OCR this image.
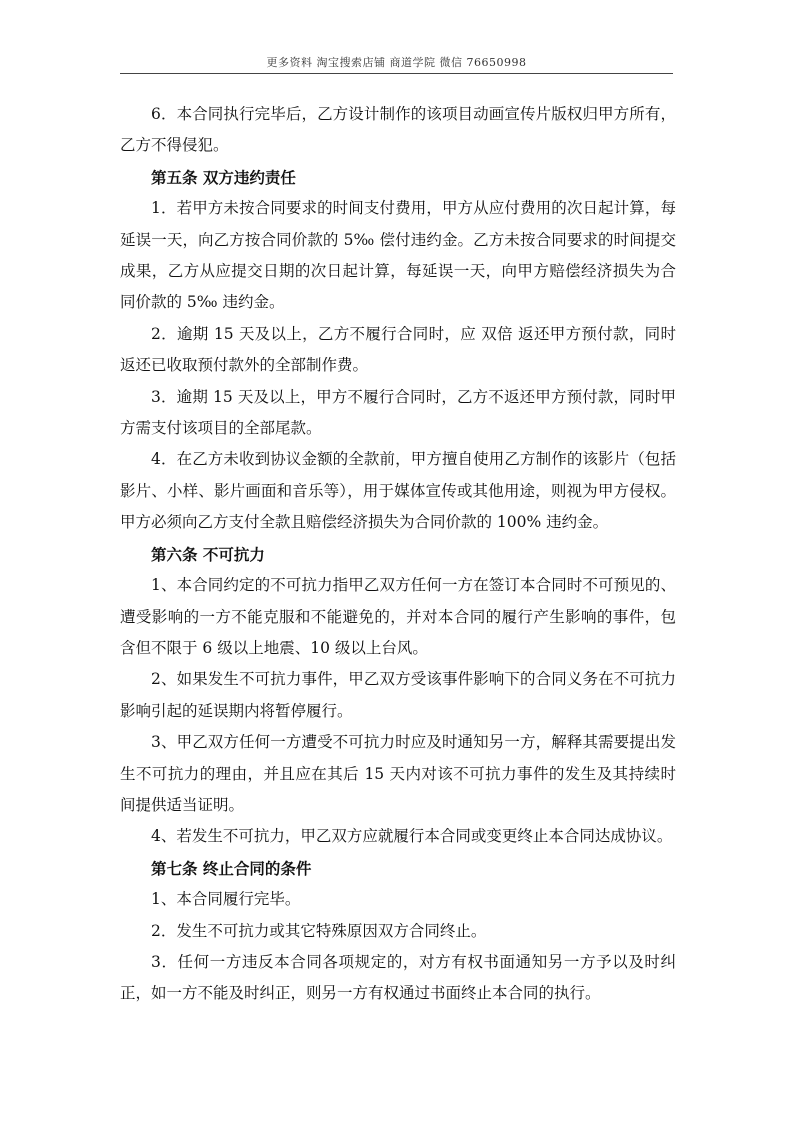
更多资料 淘宝搜索店铺 商道学院 微信 76650998

6．本合同执行完毕后，乙方设计制作的该项目动画宣传片版权归甲方所有，乙方不得侵犯。

第五条 双方违约责任

1．若甲方未按合同要求的时间支付费用，甲方从应付费用的次日起计算，每延误一天，向乙方按合同价款的 5‰ 偿付违约金。乙方未按合同要求的时间提交成果，乙方从应提交日期的次日起计算，每延误一天，向甲方赔偿经济损失为合同价款的 5‰ 违约金。

2．逾期 15 天及以上，乙方不履行合同时，应 双倍 返还甲方预付款，同时返还已收取预付款外的全部制作费。

3．逾期 15 天及以上，甲方不履行合同时，乙方不返还甲方预付款，同时甲方需支付该项目的全部尾款。

4．在乙方未收到协议金额的全款前，甲方擅自使用乙方制作的该影片（包括影片、小样、影片画面和音乐等），用于媒体宣传或其他用途，则视为甲方侵权。甲方必须向乙方支付全款且赔偿经济损失为合同价款的 100% 违约金。

第六条 不可抗力

1、本合同约定的不可抗力指甲乙双方任何一方在签订本合同时不可预见的、遭受影响的一方不能克服和不能避免的，并对本合同的履行产生影响的事件，包含但不限于 6 级以上地震、10 级以上台风。

2、如果发生不可抗力事件，甲乙双方受该事件影响下的合同义务在不可抗力影响引起的延误期内将暂停履行。

3、甲乙双方任何一方遭受不可抗力时应及时通知另一方，解释其需要提出发生不可抗力的理由，并且应在其后 15 天内对该不可抗力事件的发生及其持续时间提供适当证明。

4、若发生不可抗力，甲乙双方应就履行本合同或变更终止本合同达成协议。

第七条 终止合同的条件

1、本合同履行完毕。

2．发生不可抗力或其它特殊原因双方合同终止。

3．任何一方违反本合同各项规定的，对方有权书面通知另一方予以及时纠正，如一方不能及时纠正，则另一方有权通过书面终止本合同的执行。
